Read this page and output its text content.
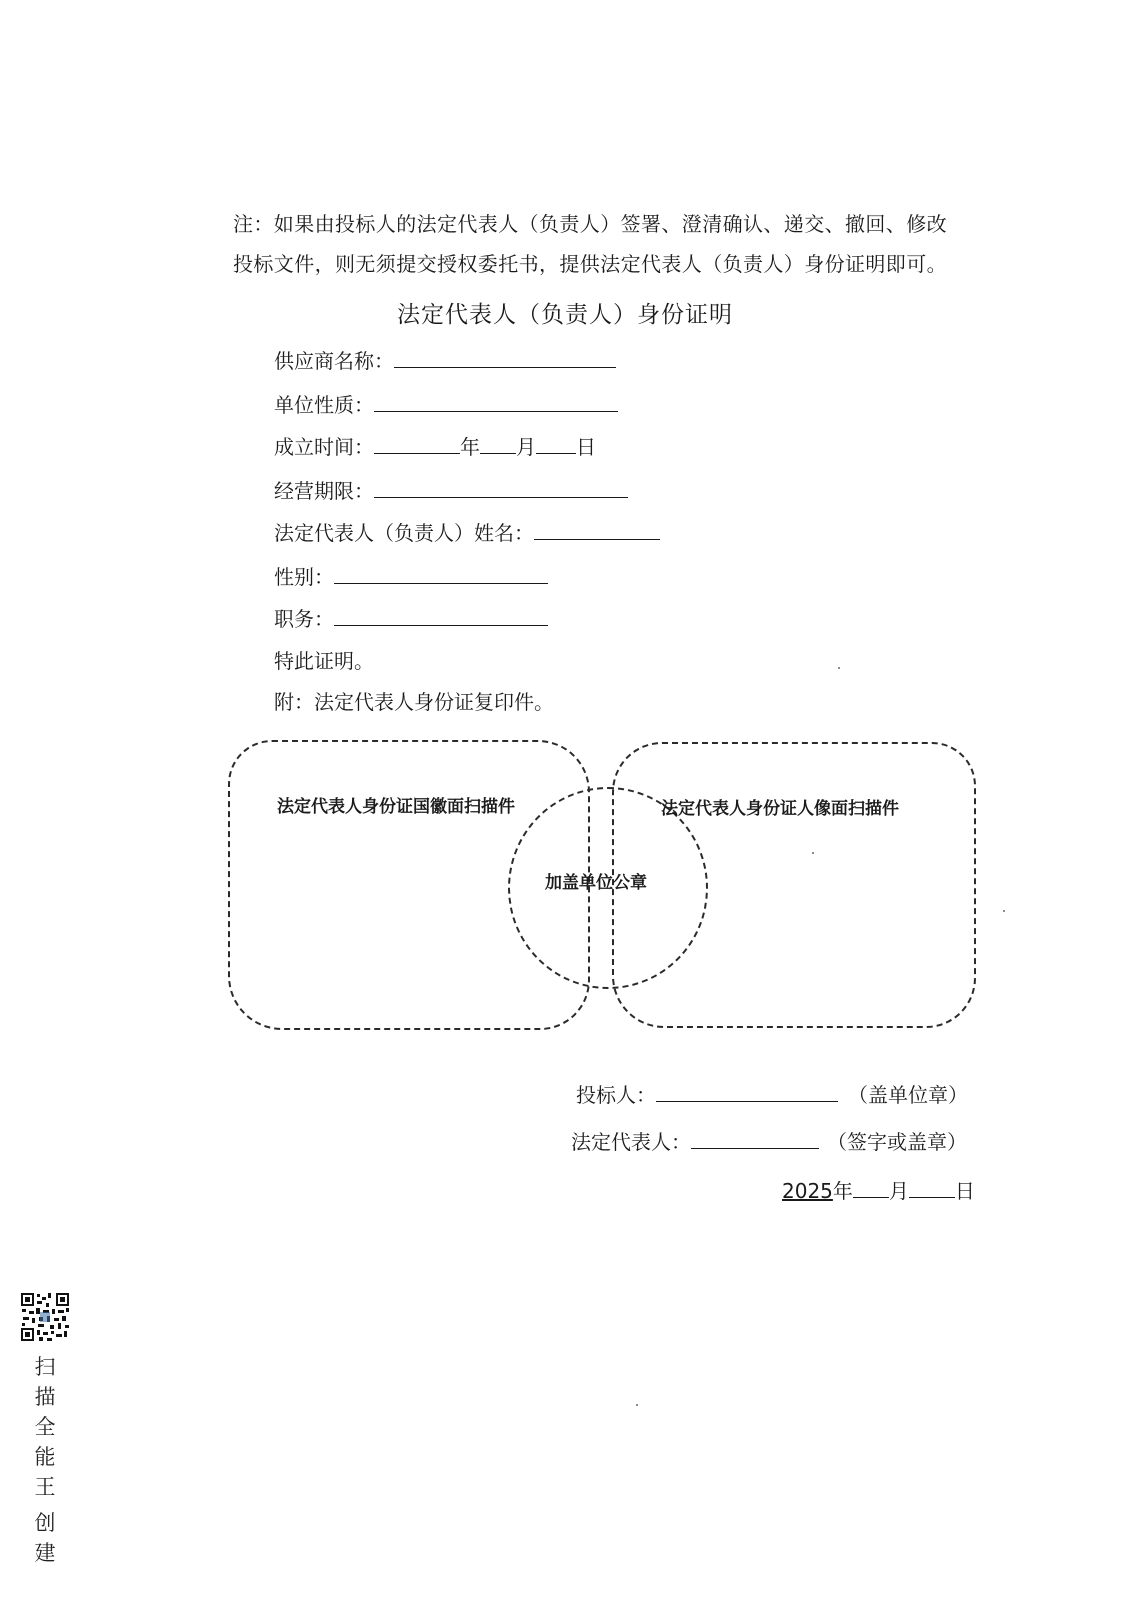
注：如果由投标人的法定代表人（负责人）签署、澄清确认、递交、撤回、修改
投标文件，则无须提交授权委托书，提供法定代表人（负责人）身份证明即可。
法定代表人（负责人）身份证明
供应商名称：
单位性质：
成立时间：	年 月 日
经营期限：
法定代表人（负责人）姓名：
性别：
职务：
特此证明。
附：法定代表人身份证复印件。
法定代表人身份证国徽面扫描件	法定代表人身份证人像面扫描件
加盖单位公章
投标人：	（盖单位章）
法定代表人：	（签字或盖章）
2025年 月 日
扫
描
全
能
王
创
建
